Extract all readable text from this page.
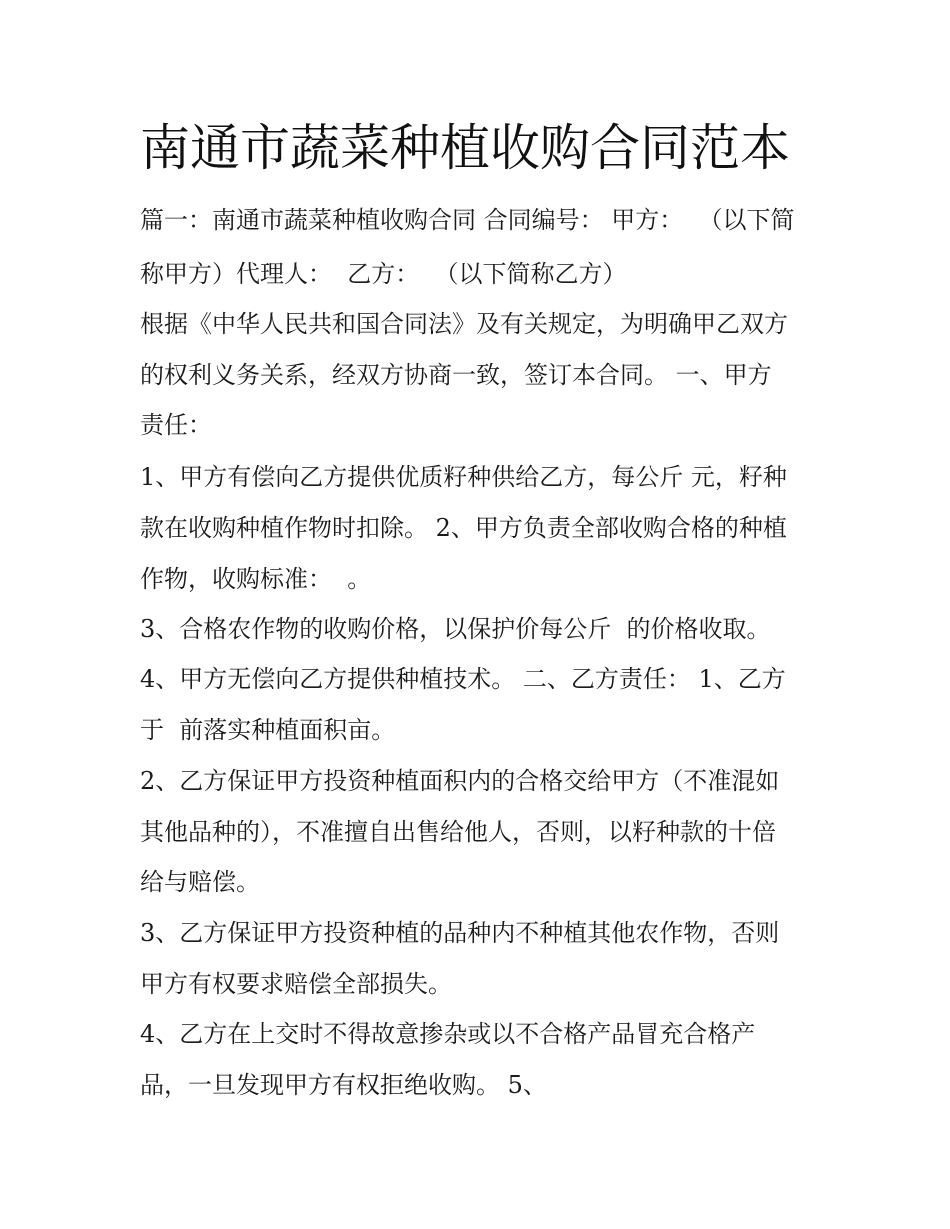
南通市蔬菜种植收购合同范本

篇一：南通市蔬菜种植收购合同 合同编号： 甲方：  （以下简

称甲方）代理人：  乙方：  （以下简称乙方）

根据《中华人民共和国合同法》及有关规定，为明确甲乙双方

的权利义务关系，经双方协商一致，签订本合同。 一、甲方

责任：

1、甲方有偿向乙方提供优质籽种供给乙方，每公斤 元，籽种

款在收购种植作物时扣除。 2、甲方负责全部收购合格的种植

作物，收购标准：  。

3、合格农作物的收购价格，以保护价每公斤  的价格收取。

4、甲方无偿向乙方提供种植技术。 二、乙方责任： 1、乙方

于  前落实种植面积亩。

2、乙方保证甲方投资种植面积内的合格交给甲方（不准混如

其他品种的），不准擅自出售给他人，否则，以籽种款的十倍

给与赔偿。

3、乙方保证甲方投资种植的品种内不种植其他农作物，否则

甲方有权要求赔偿全部损失。

4、乙方在上交时不得故意掺杂或以不合格产品冒充合格产

品，一旦发现甲方有权拒绝收购。 5、
